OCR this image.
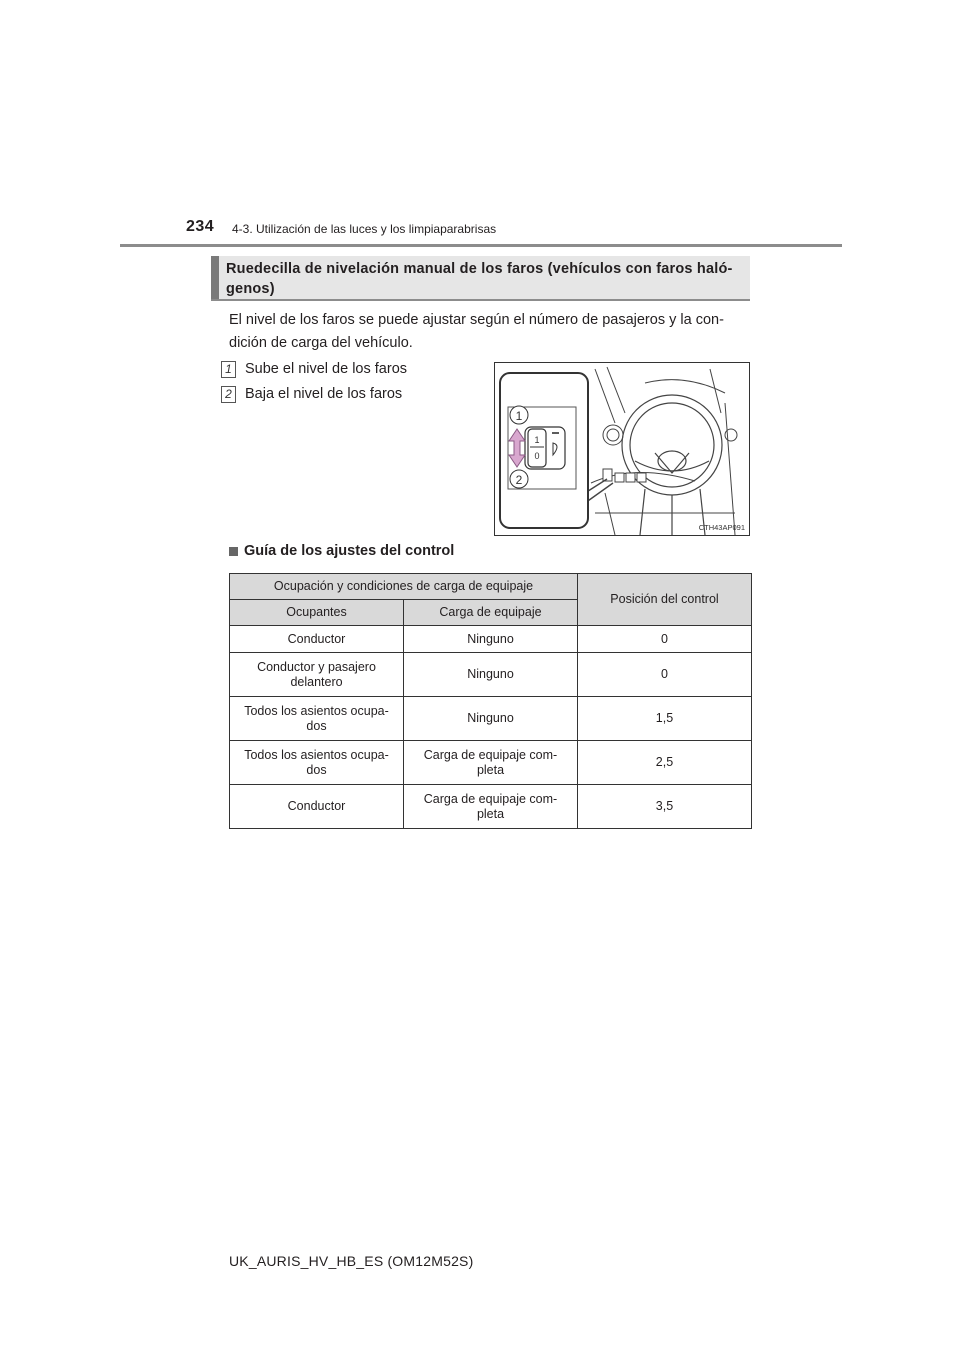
234 4-3. Utilización de las luces y los limpiaparabrisas
Ruedecilla de nivelación manual de los faros (vehículos con faros haló- genos)
El nivel de los faros se puede ajustar según el número de pasajeros y la con- dición de carga del vehículo.
1 Sube el nivel de los faros
2 Baja el nivel de los faros
1
0
1
2
CTH43AP091
Guía de los ajustes del control
Ocupación y condiciones de carga de equipaje		Posición del control
Ocupantes	Carga de equipaje	
Conductor	Ninguno	0
Conductor y pasajero delantero	Ninguno	0
Todos los asientos ocupa- dos	Ninguno	1,5
Todos los asientos ocupa- dos	Carga de equipaje com- pleta	2,5
Conductor	Carga de equipaje com- pleta	3,5
UK_AURIS_HV_HB_ES (OM12M52S)
